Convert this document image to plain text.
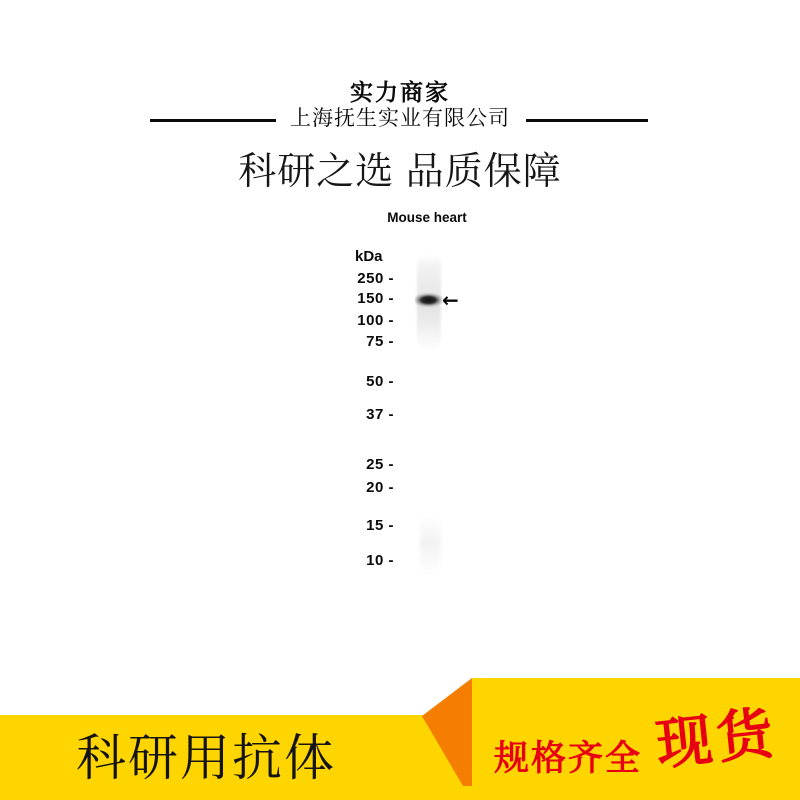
实力商家
上海抚生实业有限公司
科研之选 品质保障
Mouse heart
kDa
250 -
150 -
100 -
75 -
50 -
37 -
25 -
20 -
15 -
10 -
←
科研用抗体	规格齐全 现货
